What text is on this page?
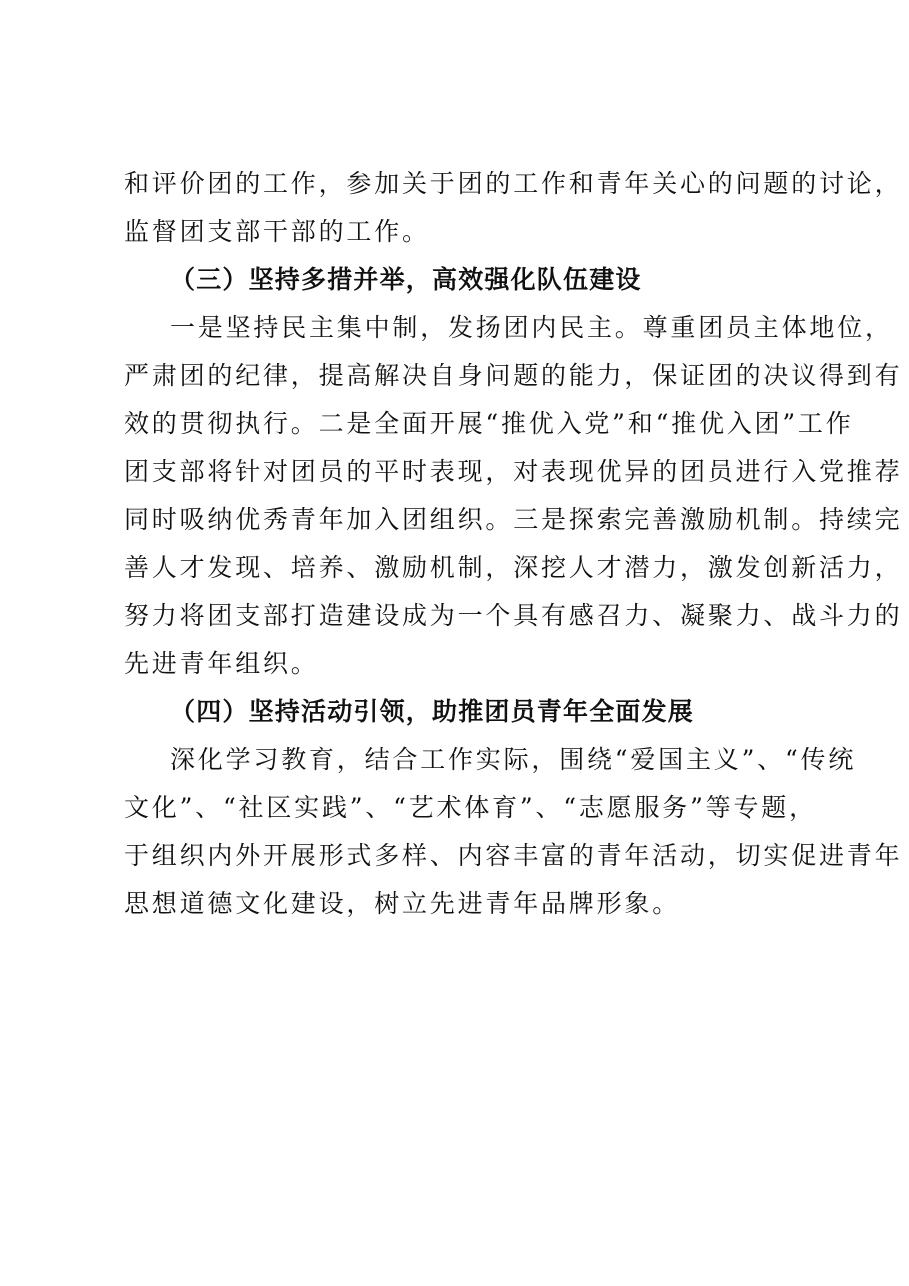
和评价团的工作，参加关于团的工作和青年关心的问题的讨论，
监督团支部干部的工作。
（三）坚持多措并举，高效强化队伍建设
一是坚持民主集中制，发扬团内民主。尊重团员主体地位，
严肃团的纪律，提高解决自身问题的能力，保证团的决议得到有
效的贯彻执行。二是全面开展“推优入党”和“推优入团”工作
团支部将针对团员的平时表现，对表现优异的团员进行入党推荐
同时吸纳优秀青年加入团组织。三是探索完善激励机制。持续完
善人才发现、培养、激励机制，深挖人才潜力，激发创新活力，
努力将团支部打造建设成为一个具有感召力、凝聚力、战斗力的
先进青年组织。
（四）坚持活动引领，助推团员青年全面发展
深化学习教育，结合工作实际，围绕“爱国主义”、“传统
文化”、“社区实践”、“艺术体育”、“志愿服务”等专题，
于组织内外开展形式多样、内容丰富的青年活动，切实促进青年
思想道德文化建设，树立先进青年品牌形象。
